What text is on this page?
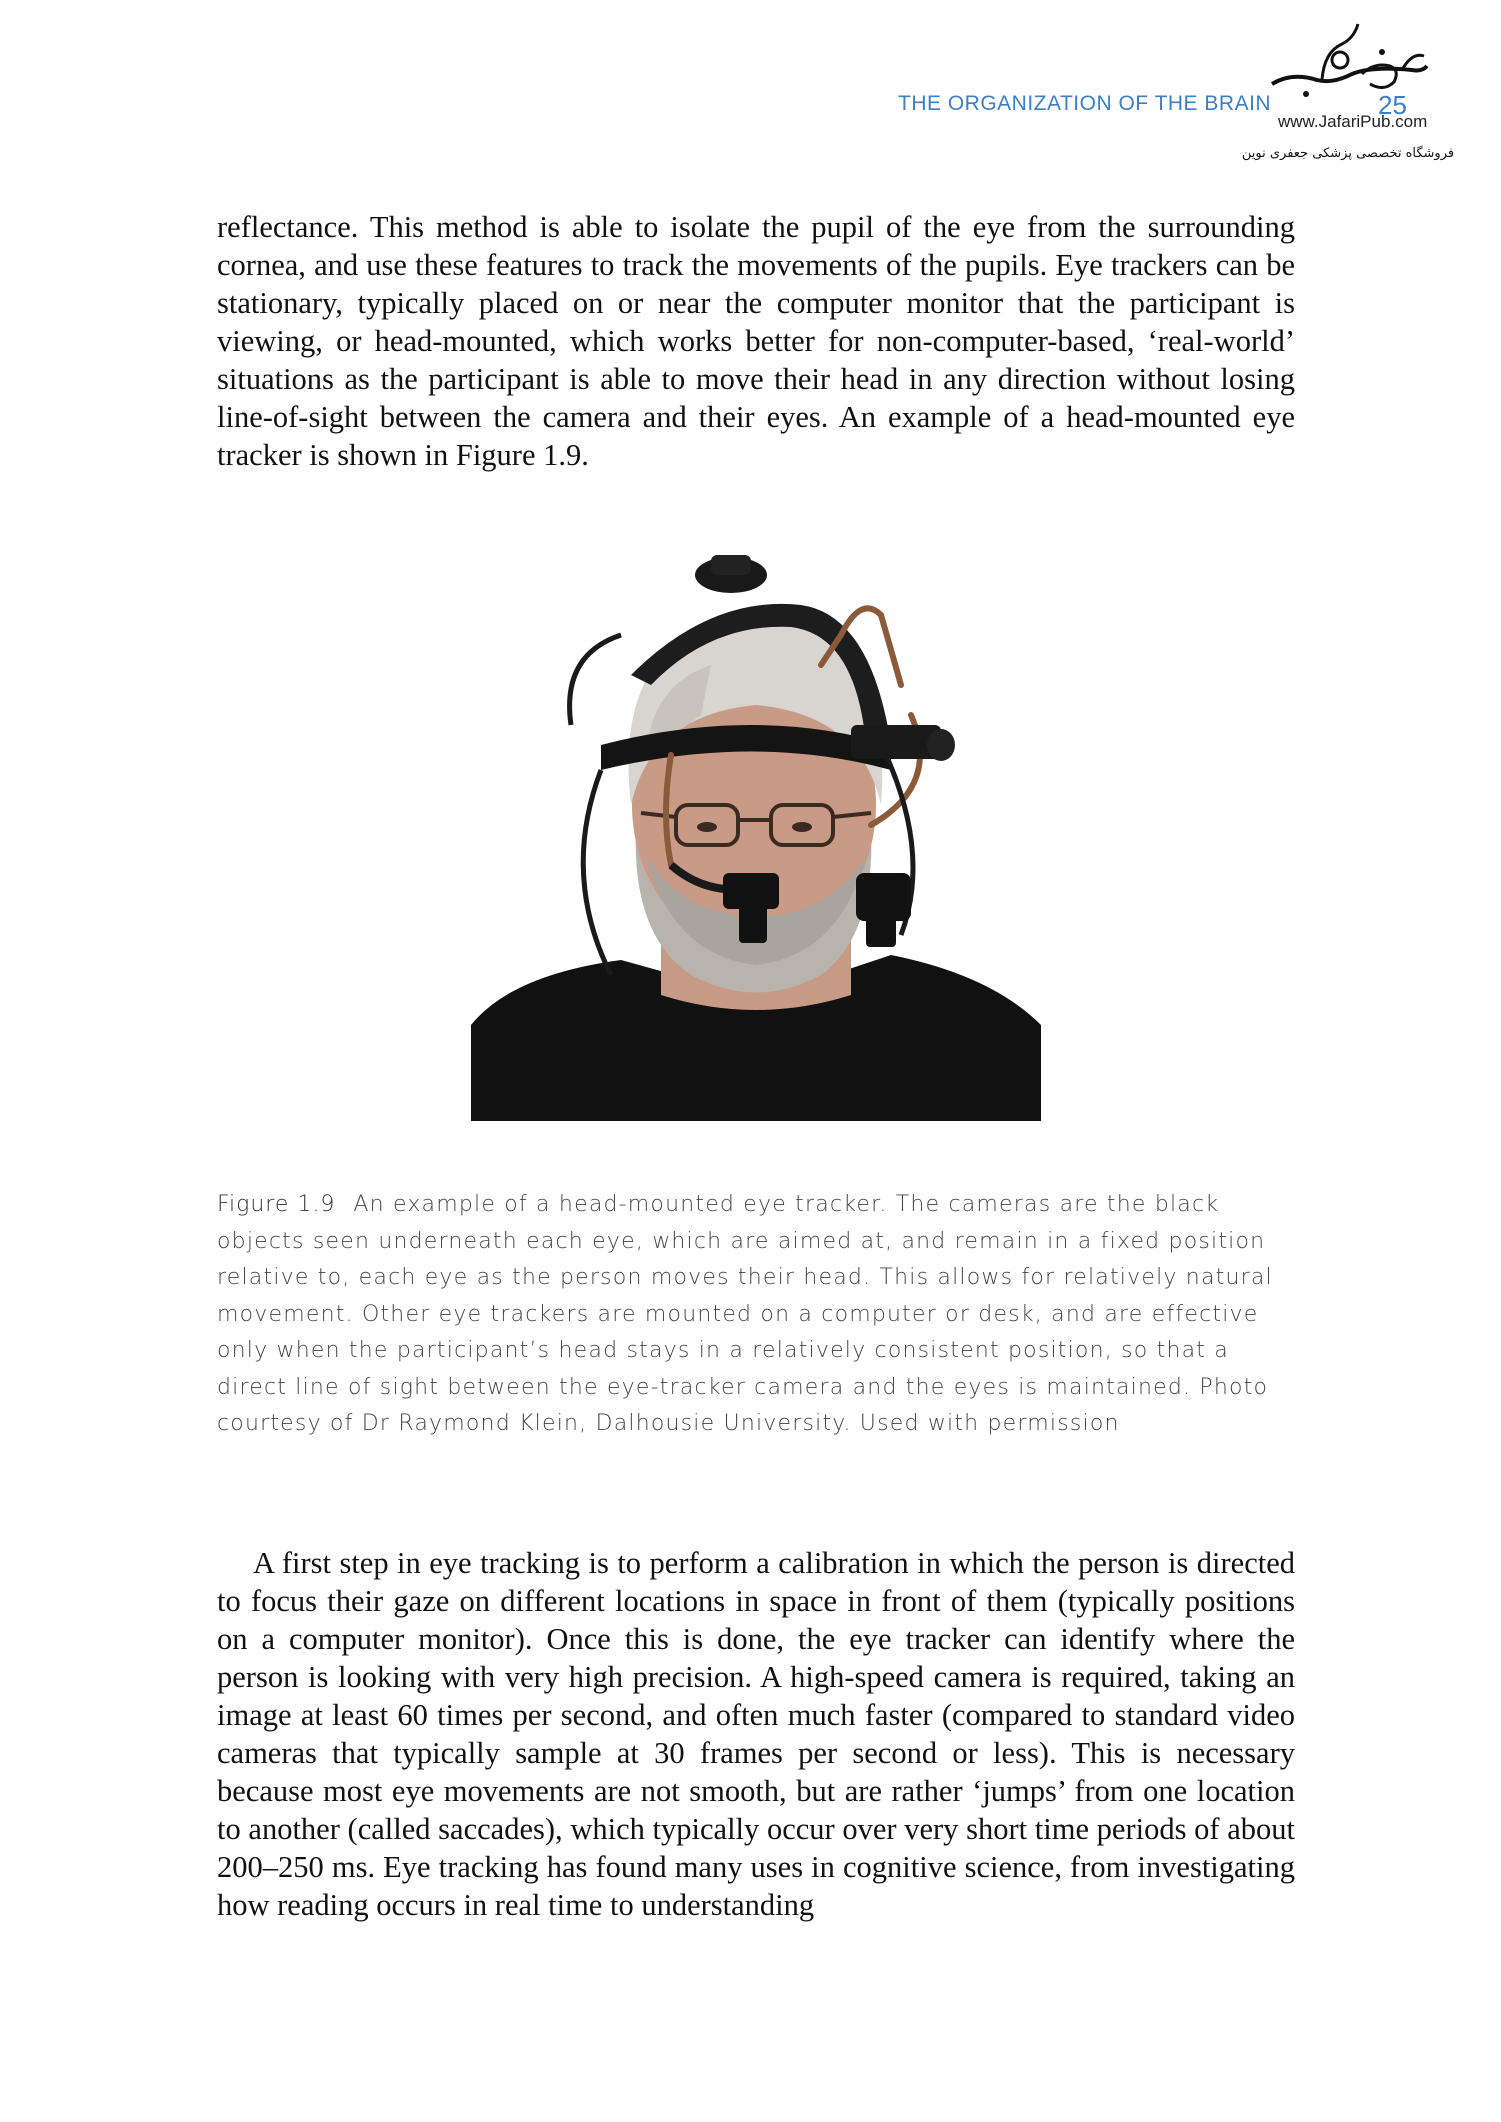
www.JafariPub.com
فروشگاه تخصصی پزشکی جعفری نوین
THE ORGANIZATION OF THE BRAIN	25

reflectance. This method is able to isolate the pupil of the eye from the surrounding cornea, and use these features to track the movements of the pupils. Eye trackers can be stationary, typically placed on or near the computer monitor that the participant is viewing, or head-mounted, which works better for non-computer-based, ‘real-world’ situations as the participant is able to move their head in any direction without losing line-of-sight between the camera and their eyes. An example of a head-mounted eye tracker is shown in Figure 1.9.

Figure 1.9 An example of a head-mounted eye tracker. The cameras are the black objects seen underneath each eye, which are aimed at, and remain in a fixed position relative to, each eye as the person moves their head. This allows for relatively natural movement. Other eye trackers are mounted on a computer or desk, and are effective only when the participant’s head stays in a relatively consistent position, so that a direct line of sight between the eye-tracker camera and the eyes is maintained. Photo courtesy of Dr Raymond Klein, Dalhousie University. Used with permission

A first step in eye tracking is to perform a calibration in which the person is directed to focus their gaze on different locations in space in front of them (typically positions on a computer monitor). Once this is done, the eye tracker can identify where the person is looking with very high precision. A high-speed camera is required, taking an image at least 60 times per second, and often much faster (compared to standard video cameras that typically sample at 30 frames per second or less). This is necessary because most eye movements are not smooth, but are rather ‘jumps’ from one location to another (called saccades), which typically occur over very short time periods of about 200–250 ms. Eye tracking has found many uses in cognitive science, from investigating how reading occurs in real time to understanding
